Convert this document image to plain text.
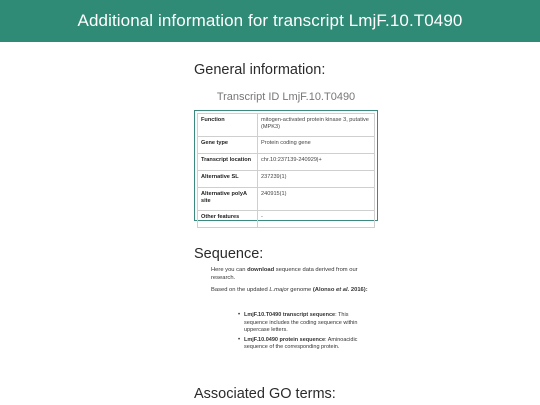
Additional information for transcript LmjF.10.T0490
General information:
Transcript ID LmjF.10.T0490
Function	mitogen-activated protein kinase 3, putative (MPK3)
Gene type	Protein coding gene
Transcript location	chr.10:237139-240929|+
Alternative SL	237239(1)
Alternative polyA site	240915(1)
Other features	-
Sequence:

Here you can download sequence data derived from our research.

Based on the updated L.major genome (Alonso et al. 2016):

• LmjF.10.T0490 transcript sequence: This sequence includes the coding sequence within uppercase letters.
• LmjF.10.0490 protein sequence: Aminoacidic sequence of the corresponding protein.
Associated GO terms:
